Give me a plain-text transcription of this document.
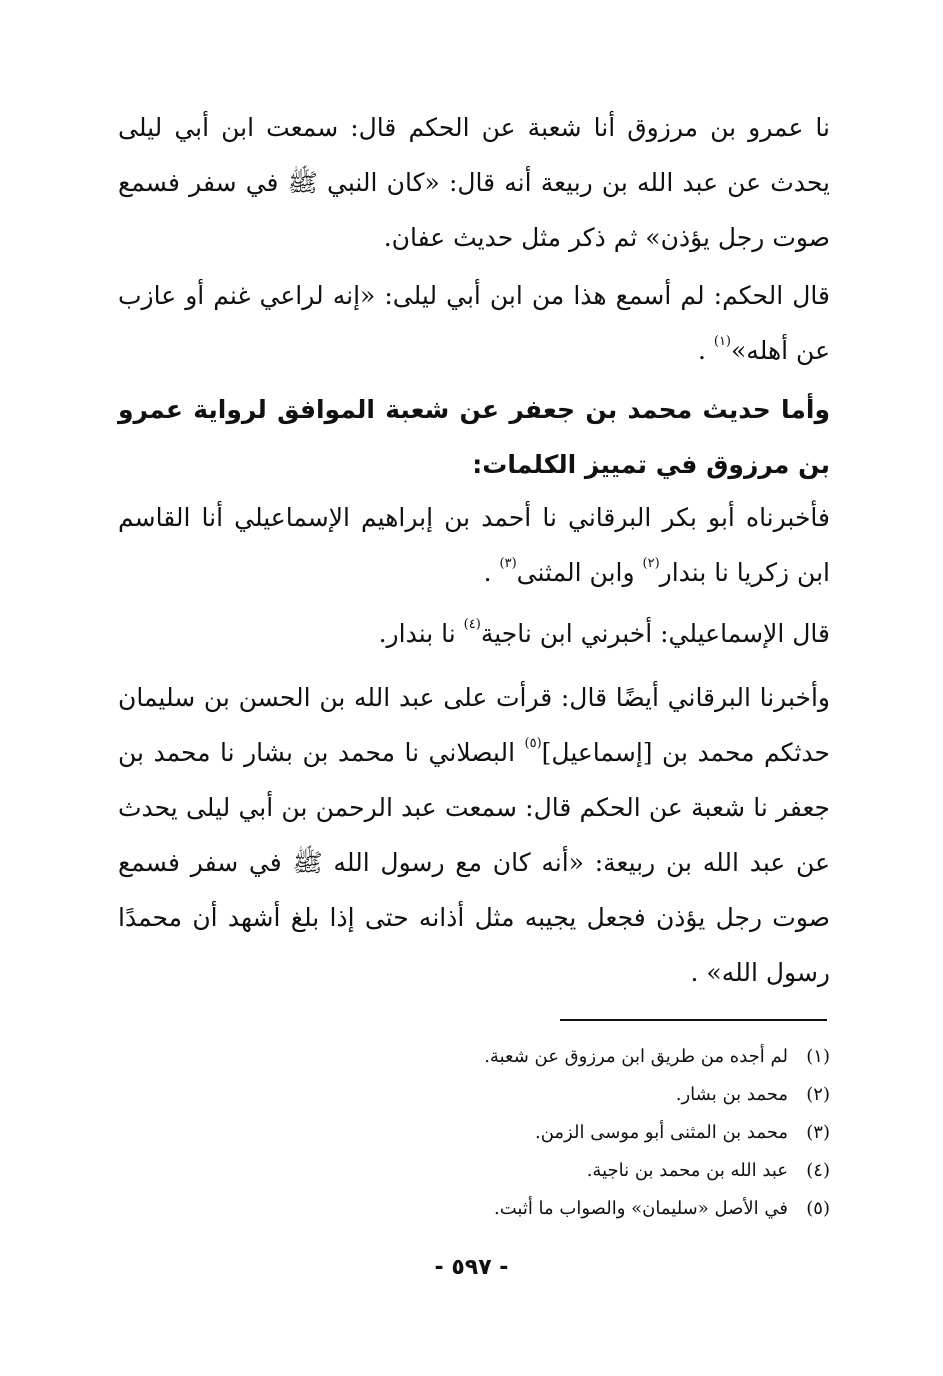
نا عمرو بن مرزوق أنا شعبة عن الحكم قال: سمعت ابن أبي ليلى يحدث عن عبد الله بن ربيعة أنه قال: «كان النبي ﷺ في سفر فسمع صوت رجل يؤذن» ثم ذكر مثل حديث عفان.

قال الحكم: لم أسمع هذا من ابن أبي ليلى: «إنه لراعي غنم أو عازب عن أهله»$^{(١)}$ .

وأما حديث محمد بن جعفر عن شعبة الموافق لرواية عمرو بن مرزوق في تمييز الكلمات:

فأخبرناه أبو بكر البرقاني نا أحمد بن إبراهيم الإسماعيلي أنا القاسم ابن زكريا نا بندار$^{(٢)}$ وابن المثنى$^{(٣)}$ .

قال الإسماعيلي: أخبرني ابن ناجية$^{(٤)}$ نا بندار.

وأخبرنا البرقاني أيضًا قال: قرأت على عبد الله بن الحسن بن سليمان حدثكم محمد بن [إسماعيل]$^{(٥)}$ البصلاني نا محمد بن بشار نا محمد بن جعفر نا شعبة عن الحكم قال: سمعت عبد الرحمن بن أبي ليلى يحدث عن عبد الله بن ربيعة: «أنه كان مع رسول الله ﷺ في سفر فسمع صوت رجل يؤذن فجعل يجيبه مثل أذانه حتى إذا بلغ أشهد أن محمدًا رسول الله» .

(١)لم أجده من طريق ابن مرزوق عن شعبة.
(٢)محمد بن بشار.
(٣)محمد بن المثنى أبو موسى الزمن.
(٤)عبد الله بن محمد بن ناجية.
(٥)في الأصل «سليمان» والصواب ما أثبت.
- ٥٩٧ -
